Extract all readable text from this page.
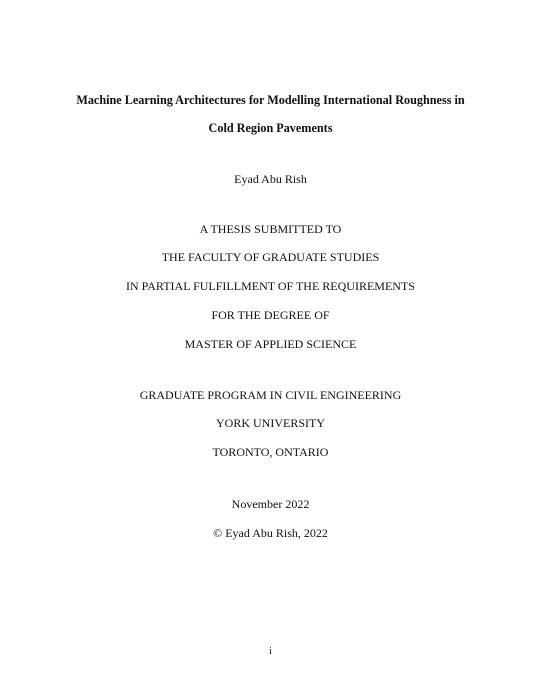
Machine Learning Architectures for Modelling International Roughness in
Cold Region Pavements
Eyad Abu Rish
A THESIS SUBMITTED TO
THE FACULTY OF GRADUATE STUDIES
IN PARTIAL FULFILLMENT OF THE REQUIREMENTS
FOR THE DEGREE OF
MASTER OF APPLIED SCIENCE
GRADUATE PROGRAM IN CIVIL ENGINEERING
YORK UNIVERSITY
TORONTO, ONTARIO
November 2022
© Eyad Abu Rish, 2022
i
